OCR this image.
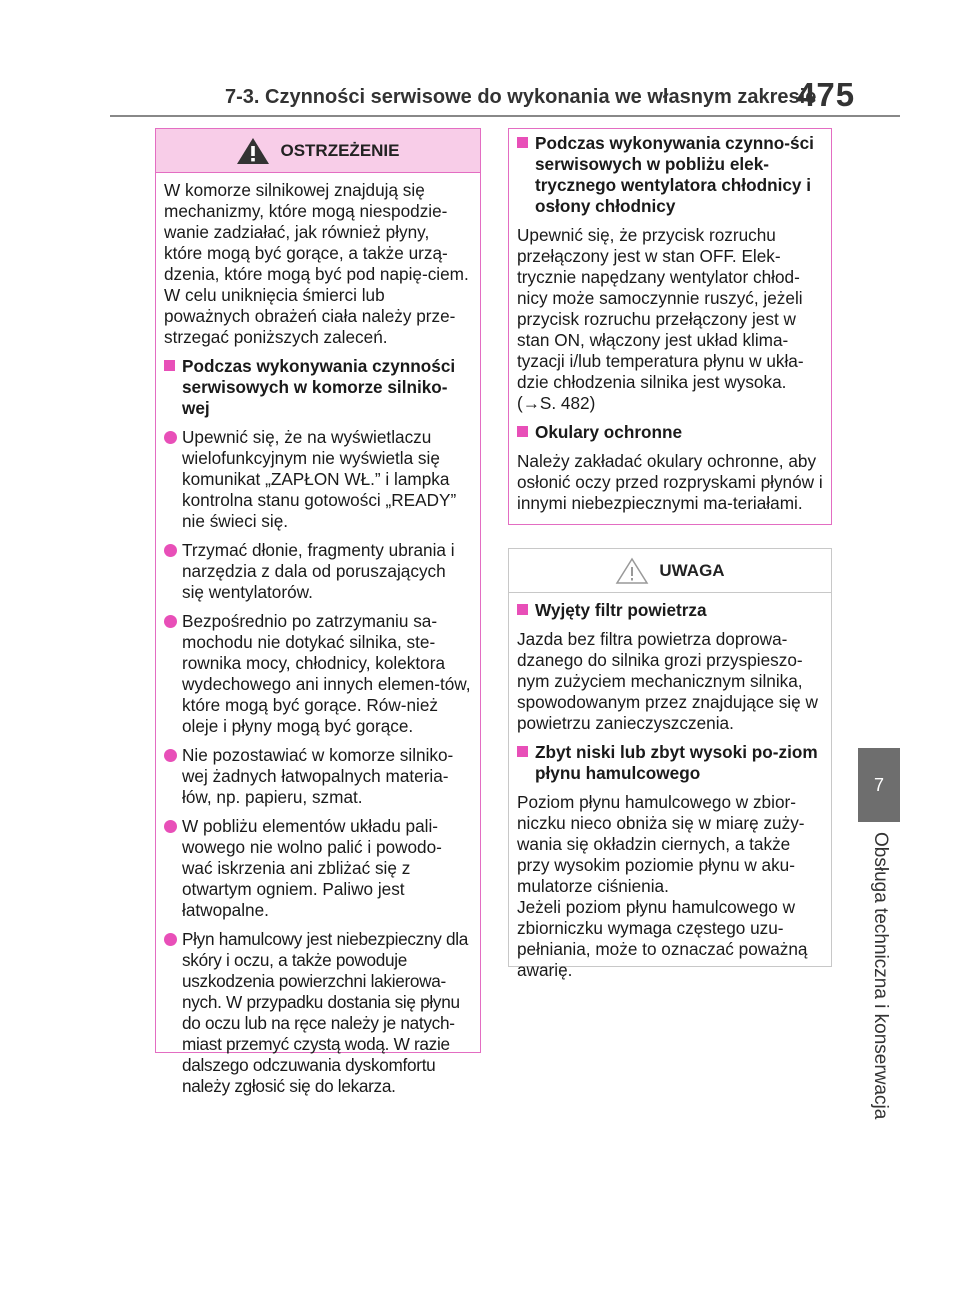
7-3. Czynności serwisowe do wykonania we własnym zakresie
475
7
Obsługa techniczna i konserwacja
OSTRZEŻENIE

W komorze silnikowej znajdują się mechanizmy, które mogą niespodzie-wanie zadziałać, jak również płyny, które mogą być gorące, a także urzą-dzenia, które mogą być pod napię-ciem. W celu uniknięcia śmierci lub poważnych obrażeń ciała należy prze-strzegać poniższych zaleceń.

Podczas wykonywania czynności serwisowych w komorze silniko-wej
Upewnić się, że na wyświetlaczu wielofunkcyjnym nie wyświetla się komunikat „ZAPŁON WŁ.” i lampka kontrolna stanu gotowości „READY” nie świeci się.
Trzymać dłonie, fragmenty ubrania i narzędzia z dala od poruszających się wentylatorów.
Bezpośrednio po zatrzymaniu sa-mochodu nie dotykać silnika, ste-rownika mocy, chłodnicy, kolektora wydechowego ani innych elemen-tów, które mogą być gorące. Rów-nież oleje i płyny mogą być gorące.
Nie pozostawiać w komorze silniko-wej żadnych łatwopalnych materia-łów, np. papieru, szmat.
W pobliżu elementów układu pali-wowego nie wolno palić i powodo-wać iskrzenia ani zbliżać się z otwartym ogniem. Paliwo jest łatwopalne.
Płyn hamulcowy jest niebezpieczny dla skóry i oczu, a także powoduje uszkodzenia powierzchni lakierowa-nych. W przypadku dostania się płynu do oczu lub na ręce należy je natych-miast przemyć czystą wodą. W razie dalszego odczuwania dyskomfortu należy zgłosić się do lekarza.
Podczas wykonywania czynno-ści serwisowych w pobliżu elek-trycznego wentylatora chłodnicy i osłony chłodnicy

Upewnić się, że przycisk rozruchu przełączony jest w stan OFF. Elek-trycznie napędzany wentylator chłod-nicy może samoczynnie ruszyć, jeżeli przycisk rozruchu przełączony jest w stan ON, włączony jest układ klima-tyzacji i/lub temperatura płynu w ukła-dzie chłodzenia silnika jest wysoka.

(→S. 482)

Okulary ochronne

Należy zakładać okulary ochronne, aby osłonić oczy przed rozpryskami płynów i innymi niebezpiecznymi ma-teriałami.

UWAGA
Wyjęty filtr powietrza

Jazda bez filtra powietrza doprowa-dzanego do silnika grozi przyspieszo-nym zużyciem mechanicznym silnika, spowodowanym przez znajdujące się w powietrzu zanieczyszczenia.

Zbyt niski lub zbyt wysoki po-ziom płynu hamulcowego

Poziom płynu hamulcowego w zbior-niczku nieco obniża się w miarę zuży-wania się okładzin ciernych, a także przy wysokim poziomie płynu w aku-mulatorze ciśnienia.

Jeżeli poziom płynu hamulcowego w zbiorniczku wymaga częstego uzu-pełniania, może to oznaczać poważną awarię.
